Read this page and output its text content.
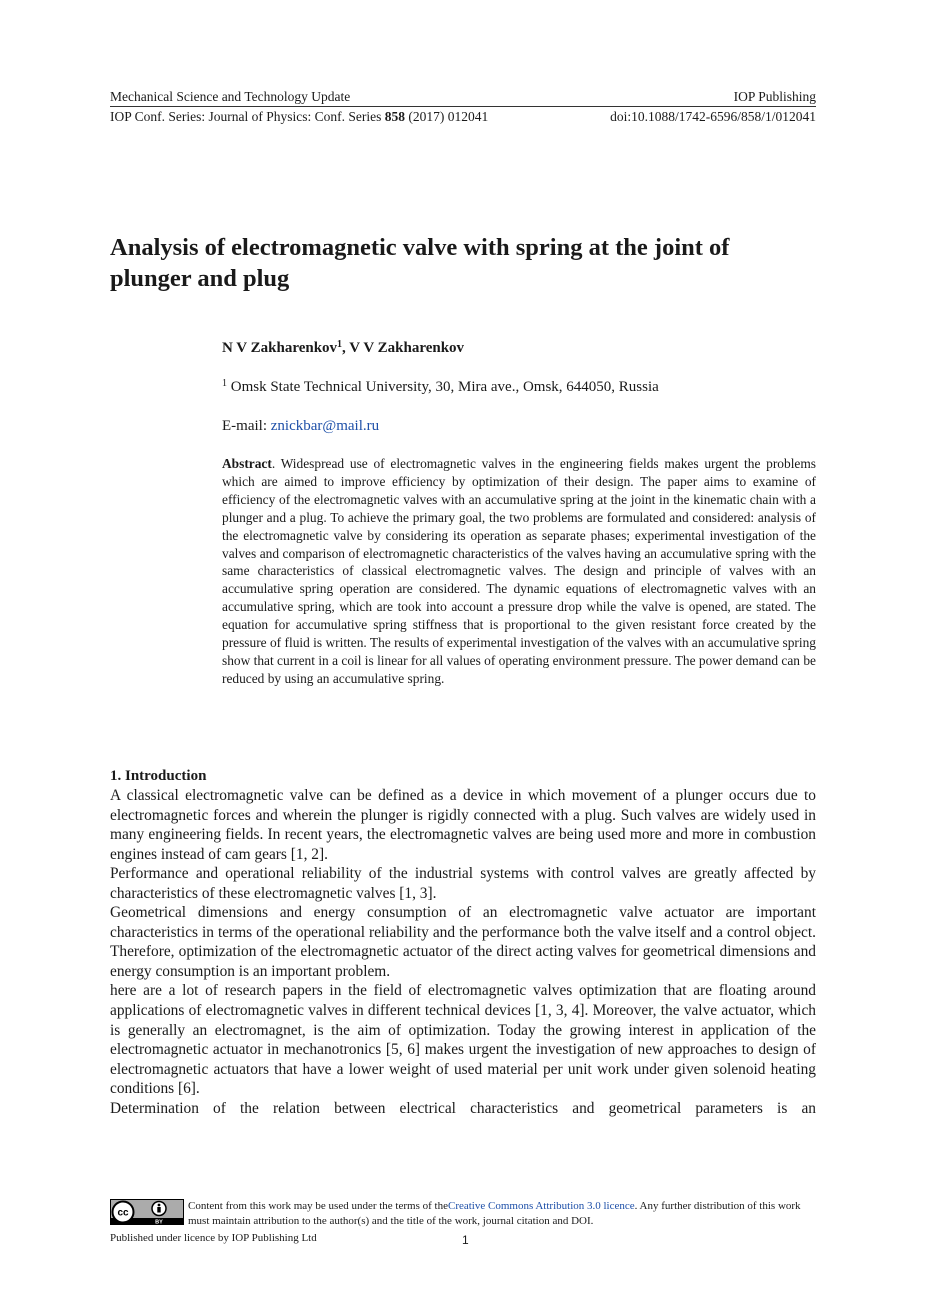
Mechanical Science and Technology Update	IOP Publishing
IOP Conf. Series: Journal of Physics: Conf. Series 858 (2017) 012041	doi:10.1088/1742-6596/858/1/012041
Analysis of electromagnetic valve with spring at the joint of plunger and plug
N V Zakharenkov$^1$, V V Zakharenkov
$^1$ Omsk State Technical University, 30, Mira ave., Omsk, 644050, Russia
E-mail: znickbar@mail.ru
Abstract. Widespread use of electromagnetic valves in the engineering fields makes urgent the problems which are aimed to improve efficiency by optimization of their design. The paper aims to examine of efficiency of the electromagnetic valves with an accumulative spring at the joint in the kinematic chain with a plunger and a plug. To achieve the primary goal, the two problems are formulated and considered: analysis of the electromagnetic valve by considering its operation as separate phases; experimental investigation of the valves and comparison of electromagnetic characteristics of the valves having an accumulative spring with the same characteristics of classical electromagnetic valves. The design and principle of valves with an accumulative spring operation are considered. The dynamic equations of electromagnetic valves with an accumulative spring, which are took into account a pressure drop while the valve is opened, are stated. The equation for accumulative spring stiffness that is proportional to the given resistant force created by the pressure of fluid is written. The results of experimental investigation of the valves with an accumulative spring show that current in a coil is linear for all values of operating environment pressure. The power demand can be reduced by using an accumulative spring.
1. Introduction

A classical electromagnetic valve can be defined as a device in which movement of a plunger occurs due to electromagnetic forces and wherein the plunger is rigidly connected with a plug. Such valves are widely used in many engineering fields. In recent years, the electromagnetic valves are being used more and more in combustion engines instead of cam gears [1, 2].

Performance and operational reliability of the industrial systems with control valves are greatly affected by characteristics of these electromagnetic valves [1, 3].

Geometrical dimensions and energy consumption of an electromagnetic valve actuator are important characteristics in terms of the operational reliability and the performance both the valve itself and a control object. Therefore, optimization of the electromagnetic actuator of the direct acting valves for geometrical dimensions and energy consumption is an important problem.

here are a lot of research papers in the field of electromagnetic valves optimization that are floating around applications of electromagnetic valves in different technical devices [1, 3, 4]. Moreover, the valve actuator, which is generally an electromagnet, is the aim of optimization. Today the growing interest in application of the electromagnetic actuator in mechanotronics [5, 6] makes urgent the investigation of new approaches to design of electromagnetic actuators that have a lower weight of used material per unit work under given solenoid heating conditions [6].

Determination of the relation between electrical characteristics and geometrical parameters is an

cc
BY
Content from this work may be used under the terms of theCreative Commons Attribution 3.0 licence. Any further distribution of this work must maintain attribution to the author(s) and the title of the work, journal citation and DOI.
Published under licence by IOP Publishing Ltd	1
